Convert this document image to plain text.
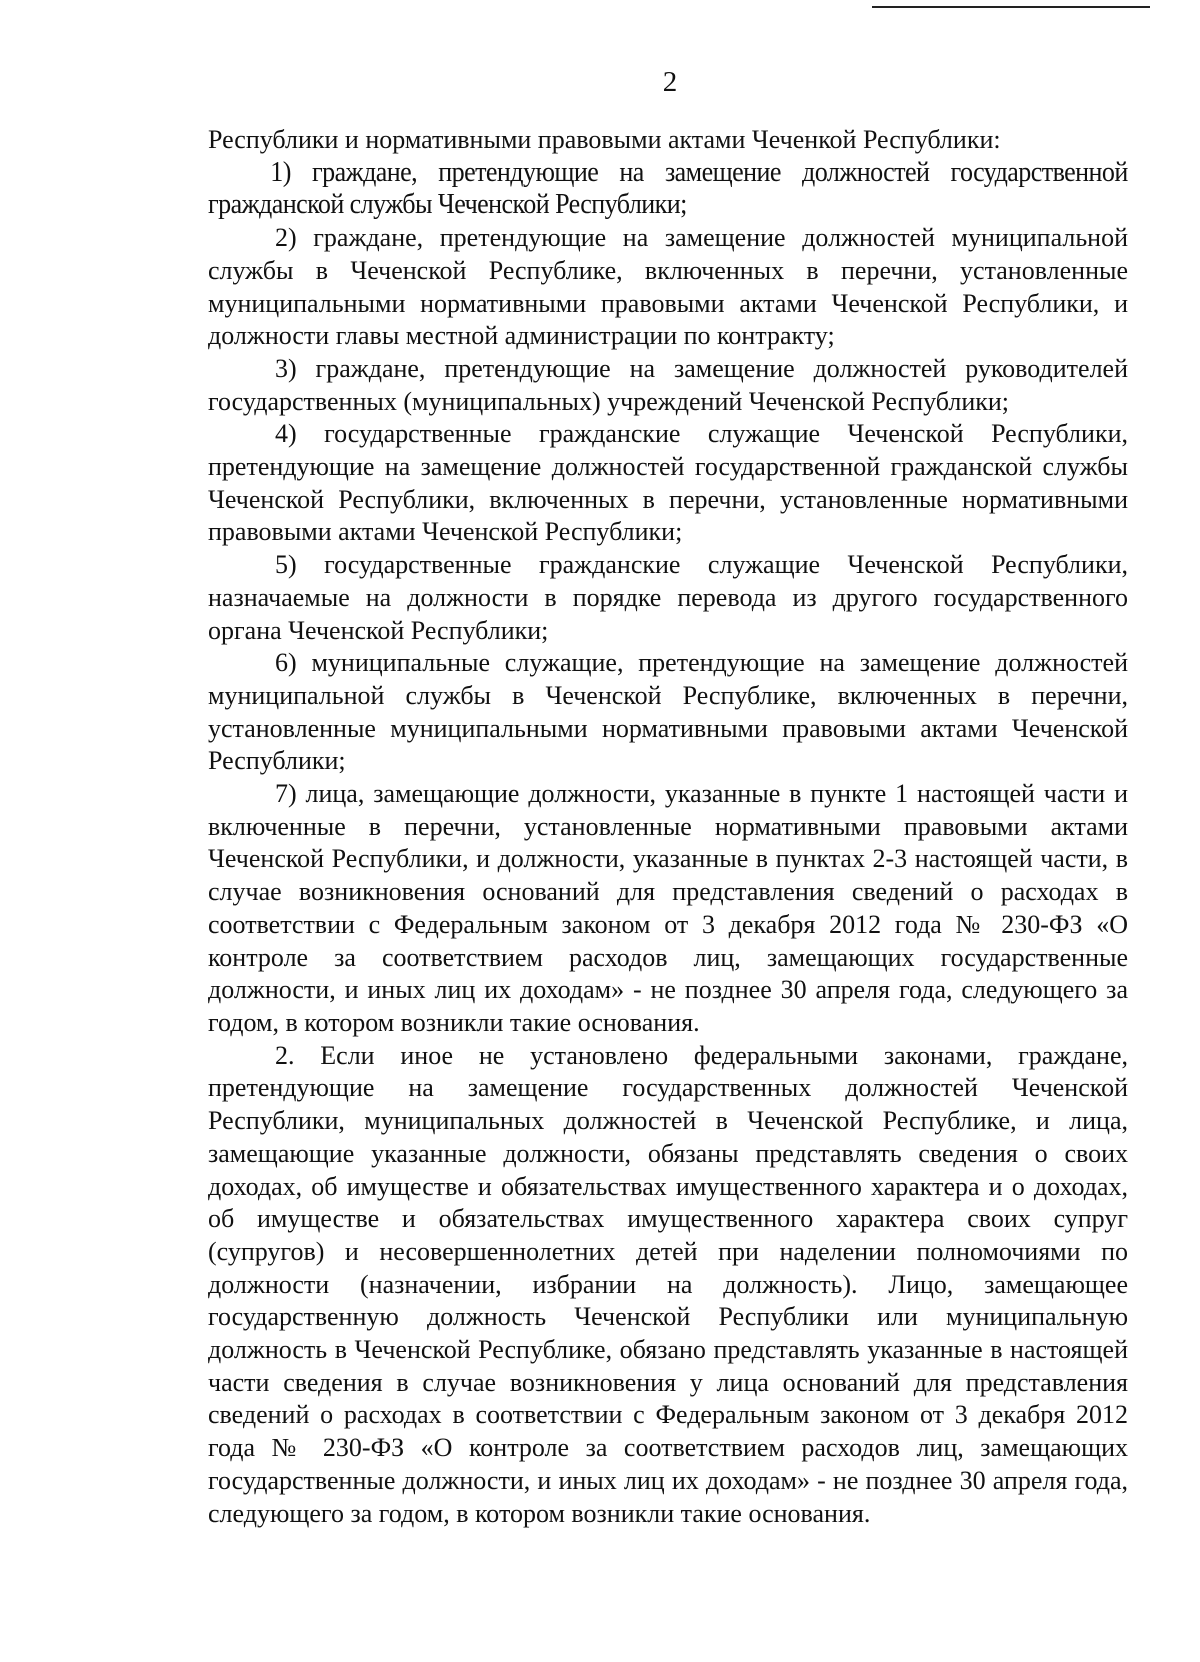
2

Республики и нормативными правовыми актами Чеченкой Республики:

1) граждане, претендующие на замещение должностей государственной гражданской службы Чеченской Республики;

2) граждане, претендующие на замещение должностей муниципальной службы в Чеченской Республике, включенных в перечни, установленные муниципальными нормативными правовыми актами Чеченской Республики, и должности главы местной администрации по контракту;

3) граждане, претендующие на замещение должностей руководителей государственных (муниципальных) учреждений Чеченской Республики;

4) государственные гражданские служащие Чеченской Республики, претендующие на замещение должностей государственной гражданской службы Чеченской Республики, включенных в перечни, установленные нормативными правовыми актами Чеченской Республики;

5) государственные гражданские служащие Чеченской Республики, назначаемые на должности в порядке перевода из другого государственного органа Чеченской Республики;

6) муниципальные служащие, претендующие на замещение должностей муниципальной службы в Чеченской Республике, включенных в перечни, установленные муниципальными нормативными правовыми актами Чеченской Республики;

7) лица, замещающие должности, указанные в пункте 1 настоящей части и включенные в перечни, установленные нормативными правовыми актами Чеченской Республики, и должности, указанные в пунктах 2-3 настоящей части, в случае возникновения оснований для представления сведений о расходах в соответствии с Федеральным законом от 3 декабря 2012 года № 230-ФЗ «О контроле за соответствием расходов лиц, замещающих государственные должности, и иных лиц их доходам» - не позднее 30 апреля года, следующего за годом, в котором возникли такие основания.

2. Если иное не установлено федеральными законами, граждане, претендующие на замещение государственных должностей Чеченской Республики, муниципальных должностей в Чеченской Республике, и лица, замещающие указанные должности, обязаны представлять сведения о своих доходах, об имуществе и обязательствах имущественного характера и о доходах, об имуществе и обязательствах имущественного характера своих супруг (супругов) и несовершеннолетних детей при наделении полномочиями по должности (назначении, избрании на должность). Лицо, замещающее государственную должность Чеченской Республики или муниципальную должность в Чеченской Республике, обязано представлять указанные в настоящей части сведения в случае возникновения у лица оснований для представления сведений о расходах в соответствии с Федеральным законом от 3 декабря 2012 года № 230-ФЗ «О контроле за соответствием расходов лиц, замещающих государственные должности, и иных лиц их доходам» - не позднее 30 апреля года, следующего за годом, в котором возникли такие основания.
